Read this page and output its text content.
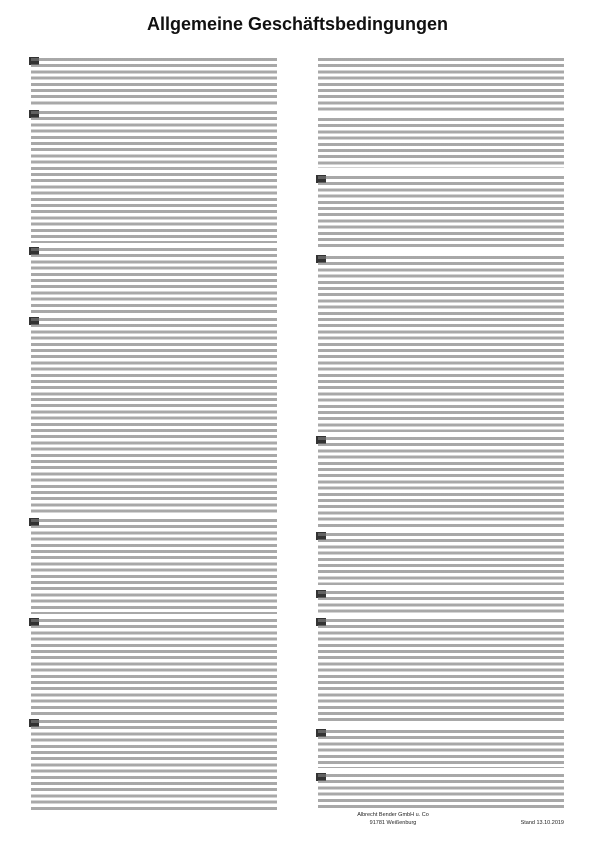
Allgemeine Geschäftsbedingungen
Albrecht Bender GmbH u. Co
91781 Weißenburg	Stand 13.10.2019
